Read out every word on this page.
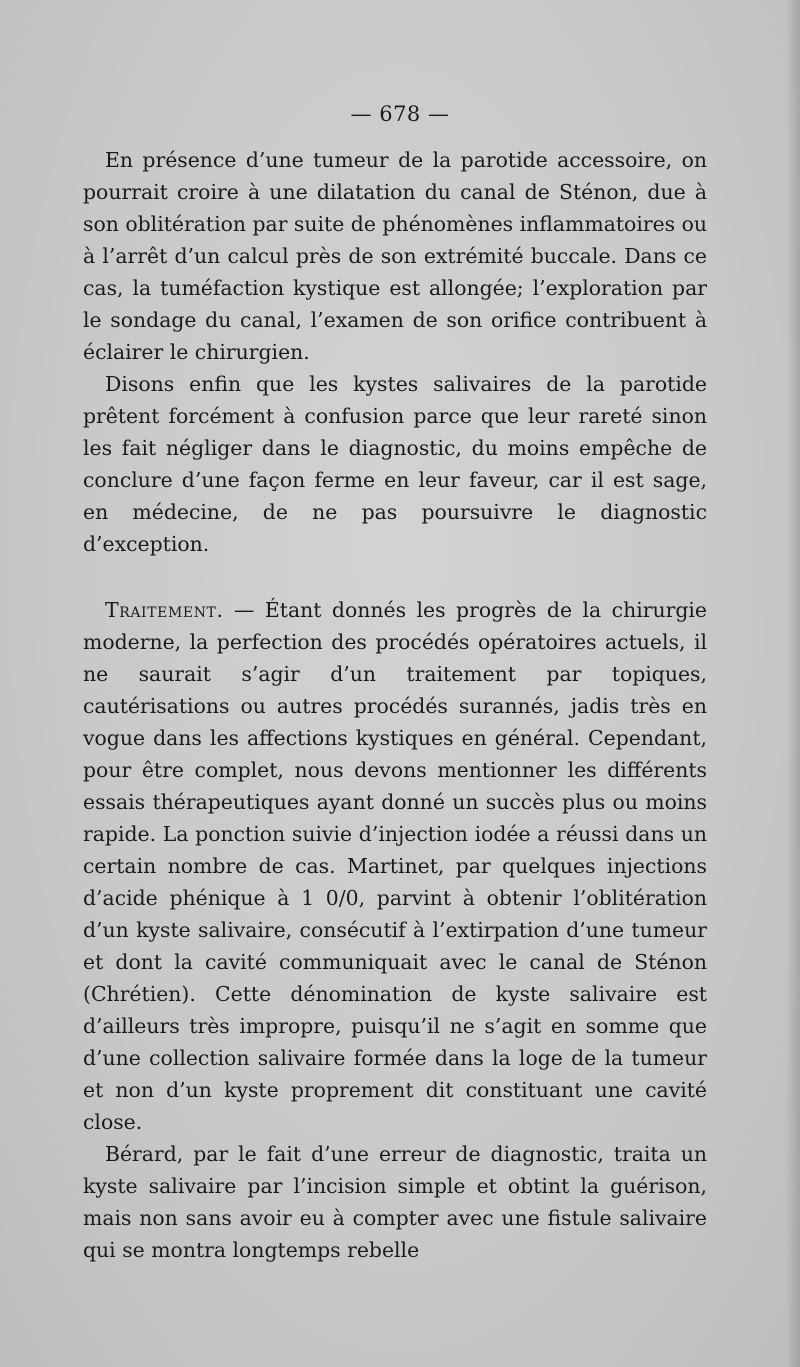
— 678 —

En présence d’une tumeur de la parotide accessoire, on pourrait croire à une dilatation du canal de Sténon, due à son oblitération par suite de phénomènes inflammatoires ou à l’arrêt d’un calcul près de son extrémité buccale. Dans ce cas, la tuméfaction kystique est allongée; l’exploration par le sondage du canal, l’examen de son orifice contribuent à éclairer le chirurgien.

Disons enfin que les kystes salivaires de la parotide prêtent forcément à confusion parce que leur rareté sinon les fait négliger dans le diagnostic, du moins empêche de conclure d’une façon ferme en leur faveur, car il est sage, en médecine, de ne pas poursuivre le diagnostic d’exception.

Traitement. — Étant donnés les progrès de la chirurgie moderne, la perfection des procédés opératoires actuels, il ne saurait s’agir d’un traitement par topiques, cautérisations ou autres procédés surannés, jadis très en vogue dans les affections kystiques en général. Cependant, pour être complet, nous devons mentionner les différents essais thérapeutiques ayant donné un succès plus ou moins rapide. La ponction suivie d’injection iodée a réussi dans un certain nombre de cas. Martinet, par quelques injections d’acide phénique à 1 0/0, parvint à obtenir l’oblitération d’un kyste salivaire, consécutif à l’extirpation d’une tumeur et dont la cavité communiquait avec le canal de Sténon (Chrétien). Cette dénomination de kyste salivaire est d’ailleurs très impropre, puisqu’il ne s’agit en somme que d’une collection salivaire formée dans la loge de la tumeur et non d’un kyste proprement dit constituant une cavité close.

Bérard, par le fait d’une erreur de diagnostic, traita un kyste salivaire par l’incision simple et obtint la guérison, mais non sans avoir eu à compter avec une fistule salivaire qui se montra longtemps rebelle
